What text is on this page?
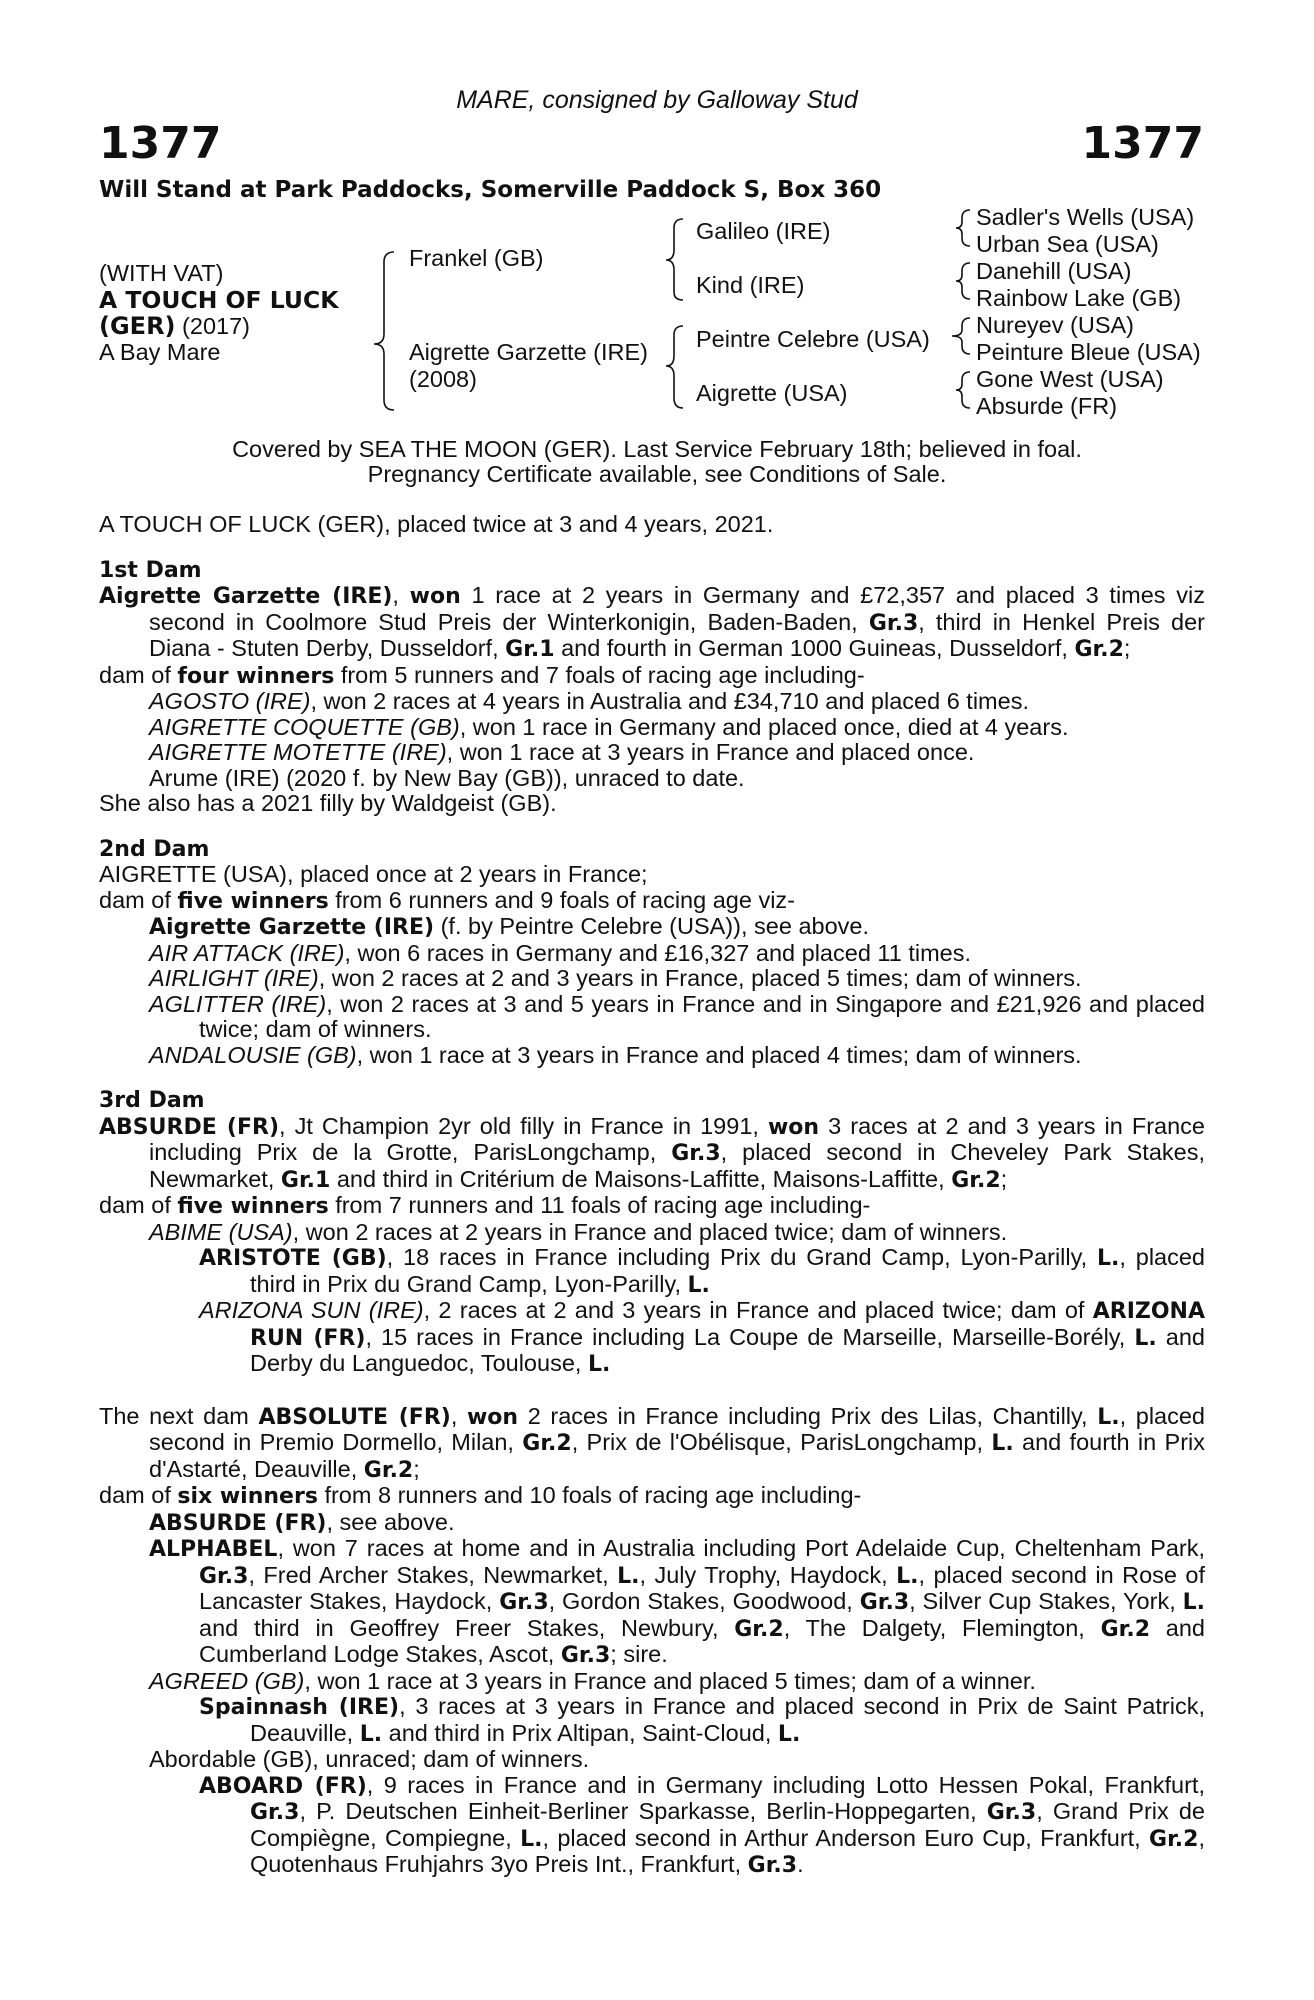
MARE, consigned by Galloway Stud
1377	1377
Will Stand at Park Paddocks, Somerville Paddock S, Box 360
(WITH VAT)
A TOUCH OF LUCK
(GER) (2017)
A Bay Mare
Frankel (GB)
Aigrette Garzette (IRE)
(2008)
Galileo (IRE)
Kind (IRE)
Peintre Celebre (USA)
Aigrette (USA)
Sadler's Wells (USA)
Urban Sea (USA)
Danehill (USA)
Rainbow Lake (GB)
Nureyev (USA)
Peinture Bleue (USA)
Gone West (USA)
Absurde (FR)
Covered by SEA THE MOON (GER). Last Service February 18th; believed in foal.
Pregnancy Certificate available, see Conditions of Sale.

A TOUCH OF LUCK (GER), placed twice at 3 and 4 years, 2021.

1st Dam

Aigrette Garzette (IRE), won 1 race at 2 years in Germany and £72,357 and placed 3 times viz second in Coolmore Stud Preis der Winterkonigin, Baden-Baden, Gr.3, third in Henkel Preis der Diana - Stuten Derby, Dusseldorf, Gr.1 and fourth in German 1000 Guineas, Dusseldorf, Gr.2;

dam of four winners from 5 runners and 7 foals of racing age including-

AGOSTO (IRE), won 2 races at 4 years in Australia and £34,710 and placed 6 times.

AIGRETTE COQUETTE (GB), won 1 race in Germany and placed once, died at 4 years.

AIGRETTE MOTETTE (IRE), won 1 race at 3 years in France and placed once.

Arume (IRE) (2020 f. by New Bay (GB)), unraced to date.

She also has a 2021 filly by Waldgeist (GB).

2nd Dam

AIGRETTE (USA), placed once at 2 years in France;

dam of five winners from 6 runners and 9 foals of racing age viz-

Aigrette Garzette (IRE) (f. by Peintre Celebre (USA)), see above.

AIR ATTACK (IRE), won 6 races in Germany and £16,327 and placed 11 times.

AIRLIGHT (IRE), won 2 races at 2 and 3 years in France, placed 5 times; dam of winners.

AGLITTER (IRE), won 2 races at 3 and 5 years in France and in Singapore and £21,926 and placed twice; dam of winners.

ANDALOUSIE (GB), won 1 race at 3 years in France and placed 4 times; dam of winners.

3rd Dam

ABSURDE (FR), Jt Champion 2yr old filly in France in 1991, won 3 races at 2 and 3 years in France including Prix de la Grotte, ParisLongchamp, Gr.3, placed second in Cheveley Park Stakes, Newmarket, Gr.1 and third in Critérium de Maisons-Laffitte, Maisons-Laffitte, Gr.2;

dam of five winners from 7 runners and 11 foals of racing age including-

ABIME (USA), won 2 races at 2 years in France and placed twice; dam of winners.

ARISTOTE (GB), 18 races in France including Prix du Grand Camp, Lyon-Parilly, L., placed third in Prix du Grand Camp, Lyon-Parilly, L.

ARIZONA SUN (IRE), 2 races at 2 and 3 years in France and placed twice; dam of ARIZONA RUN (FR), 15 races in France including La Coupe de Marseille, Marseille-Borély, L. and Derby du Languedoc, Toulouse, L.

The next dam ABSOLUTE (FR), won 2 races in France including Prix des Lilas, Chantilly, L., placed second in Premio Dormello, Milan, Gr.2, Prix de l'Obélisque, ParisLongchamp, L. and fourth in Prix d'Astarté, Deauville, Gr.2;

dam of six winners from 8 runners and 10 foals of racing age including-

ABSURDE (FR), see above.

ALPHABEL, won 7 races at home and in Australia including Port Adelaide Cup, Cheltenham Park, Gr.3, Fred Archer Stakes, Newmarket, L., July Trophy, Haydock, L., placed second in Rose of Lancaster Stakes, Haydock, Gr.3, Gordon Stakes, Goodwood, Gr.3, Silver Cup Stakes, York, L. and third in Geoffrey Freer Stakes, Newbury, Gr.2, The Dalgety, Flemington, Gr.2 and Cumberland Lodge Stakes, Ascot, Gr.3; sire.

AGREED (GB), won 1 race at 3 years in France and placed 5 times; dam of a winner.

Spainnash (IRE), 3 races at 3 years in France and placed second in Prix de Saint Patrick, Deauville, L. and third in Prix Altipan, Saint-Cloud, L.

Abordable (GB), unraced; dam of winners.

ABOARD (FR), 9 races in France and in Germany including Lotto Hessen Pokal, Frankfurt, Gr.3, P. Deutschen Einheit-Berliner Sparkasse, Berlin-Hoppegarten, Gr.3, Grand Prix de Compiègne, Compiegne, L., placed second in Arthur Anderson Euro Cup, Frankfurt, Gr.2, Quotenhaus Fruhjahrs 3yo Preis Int., Frankfurt, Gr.3.
